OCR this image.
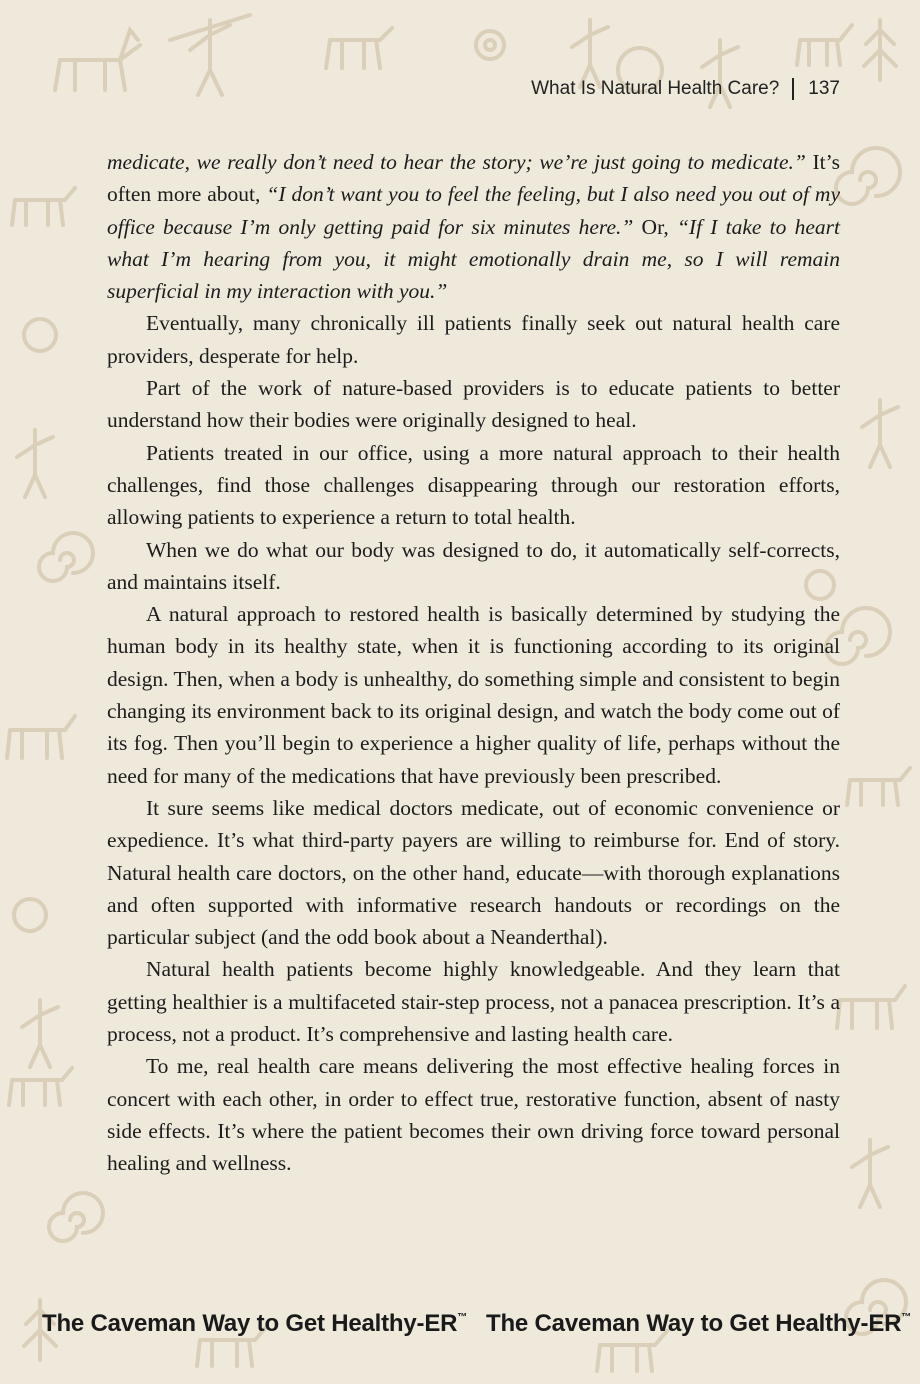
What Is Natural Health Care? 137

medicate, we really don’t need to hear the story; we’re just going to medicate.” It’s often more about, “I don’t want you to feel the feeling, but I also need you out of my office because I’m only getting paid for six minutes here.” Or, “If I take to heart what I’m hearing from you, it might emotionally drain me, so I will remain superficial in my interaction with you.”

Eventually, many chronically ill patients finally seek out natural health care providers, desperate for help.

Part of the work of nature-based providers is to educate patients to better understand how their bodies were originally designed to heal.

Patients treated in our office, using a more natural approach to their health challenges, find those challenges disappearing through our restoration efforts, allowing patients to experience a return to total health.

When we do what our body was designed to do, it automatically self-corrects, and maintains itself.

A natural approach to restored health is basically determined by studying the human body in its healthy state, when it is functioning according to its original design. Then, when a body is unhealthy, do something simple and consistent to begin changing its environment back to its original design, and watch the body come out of its fog. Then you’ll begin to experience a higher quality of life, perhaps without the need for many of the medications that have previously been prescribed.

It sure seems like medical doctors medicate, out of economic convenience or expedience. It’s what third-party payers are willing to reimburse for. End of story. Natural health care doctors, on the other hand, educate—with thorough explanations and often supported with informative research handouts or recordings on the particular subject (and the odd book about a Neanderthal).

Natural health patients become highly knowledgeable. And they learn that getting healthier is a multifaceted stair-step process, not a panacea prescription. It’s a process, not a product. It’s comprehensive and lasting health care.

To me, real health care means delivering the most effective healing forces in concert with each other, in order to effect true, restorative function, absent of nasty side effects. It’s where the patient becomes their own driving force toward personal healing and wellness.

The Caveman Way to Get Healthy-ER™ The Caveman Way to Get Healthy-ER™
